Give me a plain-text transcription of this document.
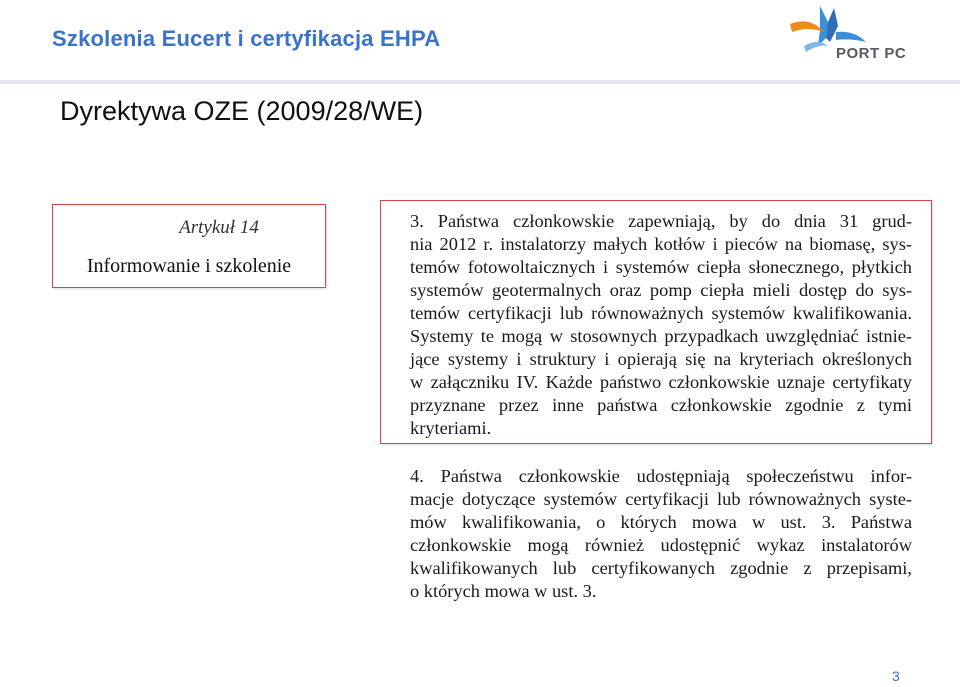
Szkolenia Eucert i certyfikacja EHPA
PORT PC
Dyrektywa OZE (2009/28/WE)
Artykuł 14
Informowanie i szkolenie
3. Państwa członkowskie zapewniają, by do dnia 31 grud-
nia 2012 r. instalatorzy małych kotłów i pieców na biomasę, sys-
temów fotowoltaicznych i systemów ciepła słonecznego, płytkich
systemów geotermalnych oraz pomp ciepła mieli dostęp do sys-
temów certyfikacji lub równoważnych systemów kwalifikowania.
Systemy te mogą w stosownych przypadkach uwzględniać istnie-
jące systemy i struktury i opierają się na kryteriach określonych
w załączniku IV. Każde państwo członkowskie uznaje certyfikaty
przyznane przez inne państwa członkowskie zgodnie z tymi
kryteriami.
4. Państwa członkowskie udostępniają społeczeństwu infor-
macje dotyczące systemów certyfikacji lub równoważnych syste-
mów kwalifikowania, o których mowa w ust. 3. Państwa
członkowskie mogą również udostępnić wykaz instalatorów
kwalifikowanych lub certyfikowanych zgodnie z przepisami,
o których mowa w ust. 3.
3
